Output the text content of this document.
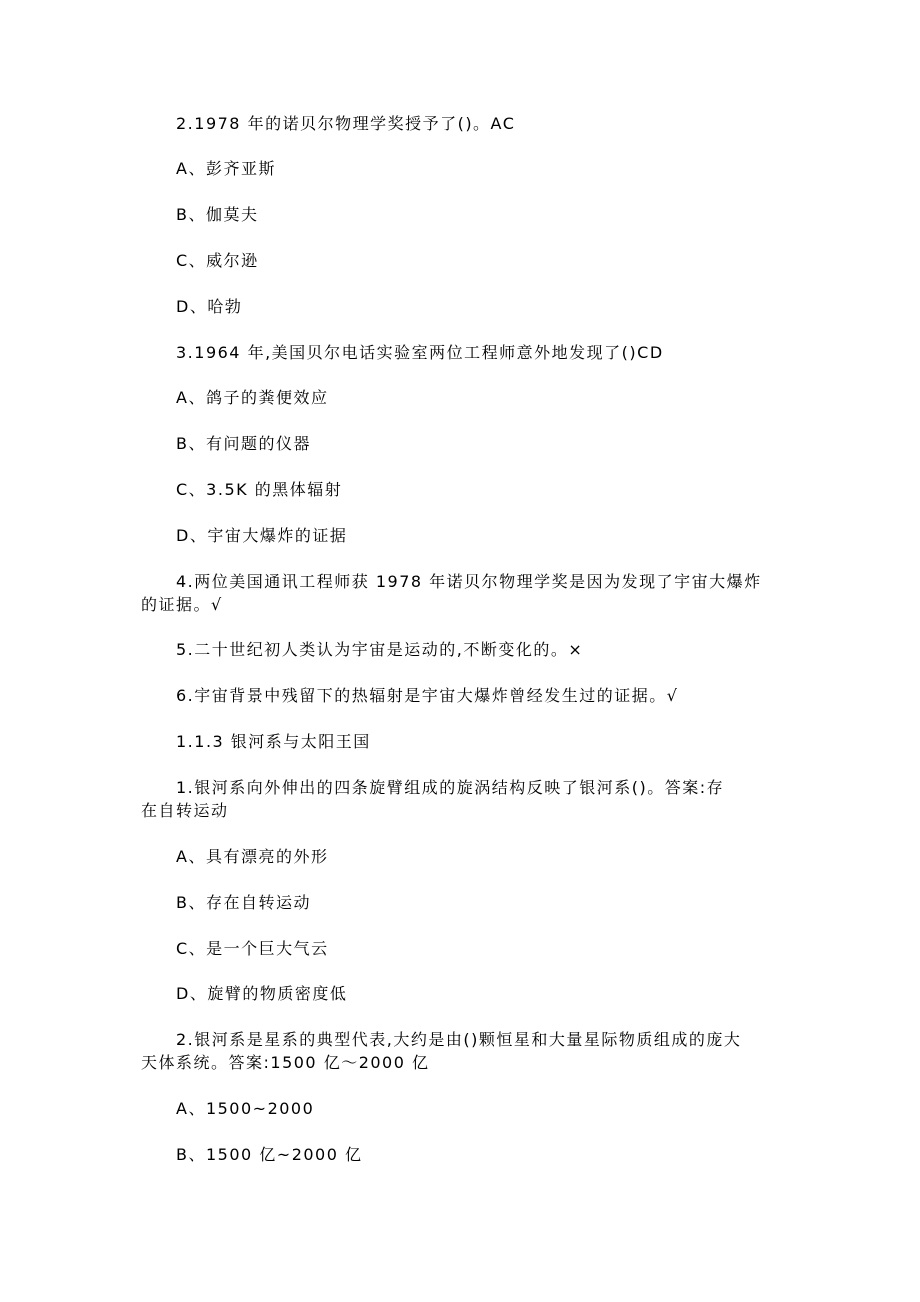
2.1978 年的诺贝尔物理学奖授予了()。AC
A、彭齐亚斯
B、伽莫夫
C、威尔逊
D、哈勃
3.1964 年,美国贝尔电话实验室两位工程师意外地发现了()CD
A、鸽子的粪便效应
B、有问题的仪器
C、3.5K 的黑体辐射
D、宇宙大爆炸的证据
4.两位美国通讯工程师获 1978 年诺贝尔物理学奖是因为发现了宇宙大爆炸
的证据。√
5.二十世纪初人类认为宇宙是运动的,不断变化的。×
6.宇宙背景中残留下的热辐射是宇宙大爆炸曾经发生过的证据。√
1.1.3 银河系与太阳王国
1.银河系向外伸出的四条旋臂组成的旋涡结构反映了银河系()。答案:存
在自转运动
A、具有漂亮的外形
B、存在自转运动
C、是一个巨大气云
D、旋臂的物质密度低
2.银河系是星系的典型代表,大约是由()颗恒星和大量星际物质组成的庞大
天体系统。答案:1500 亿～2000 亿
A、1500~2000
B、1500 亿~2000 亿
